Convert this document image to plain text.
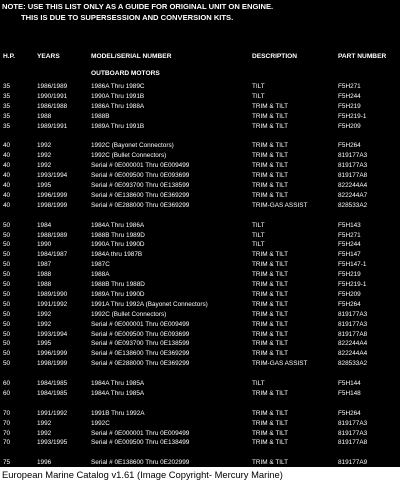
NOTE: USE THIS LIST ONLY AS A GUIDE FOR ORIGINAL UNIT ON ENGINE.
THIS IS DUE TO SUPERSESSION AND CONVERSION KITS.
H.P.	YEARS	MODEL/SERIAL NUMBER	DESCRIPTION	PART NUMBER
OUTBOARD MOTORS
35	1986/1989	1986A Thru 1989C	TILT	F5H271
35	1990/1991	1990A Thru 1991B	TILT	F5H244
35	1986/1988	1986A Thru 1988A	TRIM & TILT	F5H219
35	1988	1988B	TRIM & TILT	F5H219-1
35	1989/1991	1989A Thru 1991B	TRIM & TILT	F5H209
40	1992	1992C (Bayonet Connectors)	TRIM & TILT	F5H264
40	1992	1992C (Bullet Connectors)	TRIM & TILT	819177A3
40	1992	Serial # 0E000001 Thru 0E009499	TRIM & TILT	819177A3
40	1993/1994	Serial # 0E009500 Thru 0E093699	TRIM & TILT	819177A8
40	1995	Serial # 0E093700 Thru 0E138599	TRIM & TILT	822244A4
40	1996/1999	Serial # 0E138600 Thru 0E369299	TRIM & TILT	822244A7
40	1998/1999	Serial # 0E288000 Thru 0E369299	TRIM-GAS ASSIST	828533A2
50	1984	1984A Thru 1986A	TILT	F5H143
50	1988/1989	1988B Thru 1989D	TILT	F5H271
50	1990	1990A Thru 1990D	TILT	F5H244
50	1984/1987	1984A thru 1987B	TRIM & TILT	F5H147
50	1987	1987C	TRIM & TILT	F5H147-1
50	1988	1988A	TRIM & TILT	F5H219
50	1988	1988B Thru 1988D	TRIM & TILT	F5H219-1
50	1989/1990	1989A Thru 1990D	TRIM & TILT	F5H209
50	1991/1992	1991A Thru 1992A (Bayonet Connectors)	TRIM & TILT	F5H264
50	1992	1992C (Bullet Connectors)	TRIM & TILT	819177A3
50	1992	Serial # 0E000001 Thru 0E009499	TRIM & TILT	819177A3
50	1993/1994	Serial # 0E009500 Thru 0E093699	TRIM & TILT	819177A8
50	1995	Serial # 0E093700 Thru 0E138599	TRIM & TILT	822244A4
50	1996/1999	Serial # 0E138600 Thru 0E369299	TRIM & TILT	822244A4
50	1998/1999	Serial # 0E288000 Thru 0E369299	TRIM-GAS ASSIST	828533A2
60	1984/1985	1984A Thru 1985A	TILT	F5H144
60	1984/1985	1984A Thru 1985A	TRIM & TILT	F5H148
70	1991/1992	1991B Thru 1992A	TRIM & TILT	F5H264
70	1992	1992C	TRIM & TILT	819177A3
70	1992	Serial # 0E000001 Thru 0E009499	TRIM & TILT	819177A3
70	1993/1995	Serial # 0E009500 Thru 0E138499	TRIM & TILT	819177A8
75	1996	Serial # 0E138600 Thru 0E202999	TRIM & TILT	819177A9
European Marine Catalog v1.61 (Image Copyright- Mercury Marine)
